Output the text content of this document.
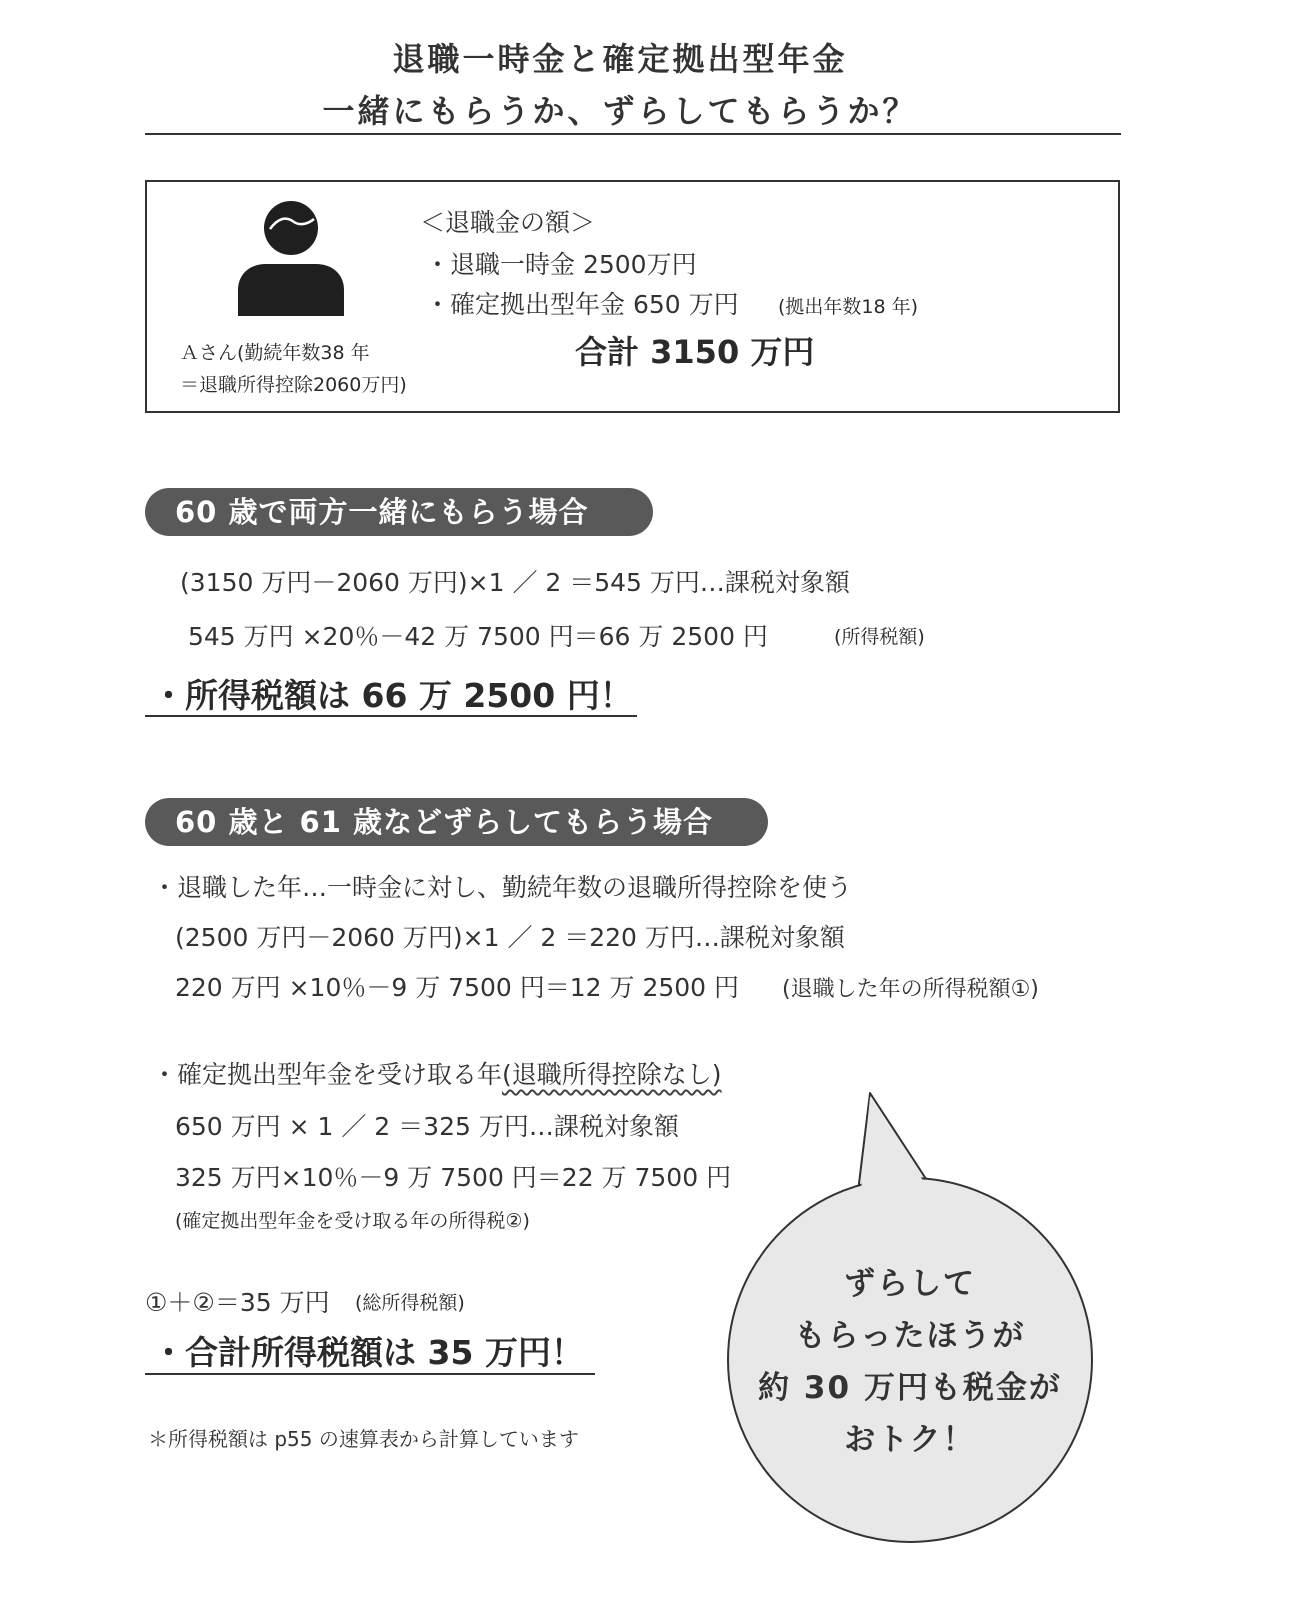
退職一時金と確定拠出型年金
一緒にもらうか、ずらしてもらうか？
＜退職金の額＞
・退職一時金 2500万円
・確定拠出型年金 650 万円 (拠出年数18 年)
合計 3150 万円
Ａさん(勤続年数38 年
＝退職所得控除2060万円)
60 歳で両方一緒にもらう場合
(3150 万円－2060 万円)×1 ／ 2 ＝545 万円…課税対象額
545 万円 ×20％－42 万 7500 円＝66 万 2500 円	(所得税額)
・所得税額は 66 万 2500 円！
60 歳と 61 歳などずらしてもらう場合
・退職した年…一時金に対し、勤続年数の退職所得控除を使う
(2500 万円－2060 万円)×1 ／ 2 ＝220 万円…課税対象額
220 万円 ×10％－9 万 7500 円＝12 万 2500 円 (退職した年の所得税額①)
・確定拠出型年金を受け取る年(退職所得控除なし)
650 万円 × 1 ／ 2 ＝325 万円…課税対象額
325 万円×10％－9 万 7500 円＝22 万 7500 円
(確定拠出型年金を受け取る年の所得税②)
①＋②＝35 万円 (総所得税額)
・合計所得税額は 35 万円！
＊所得税額は p55 の速算表から計算しています
ずらして
もらったほうが
約 30 万円も税金が
おトク！
